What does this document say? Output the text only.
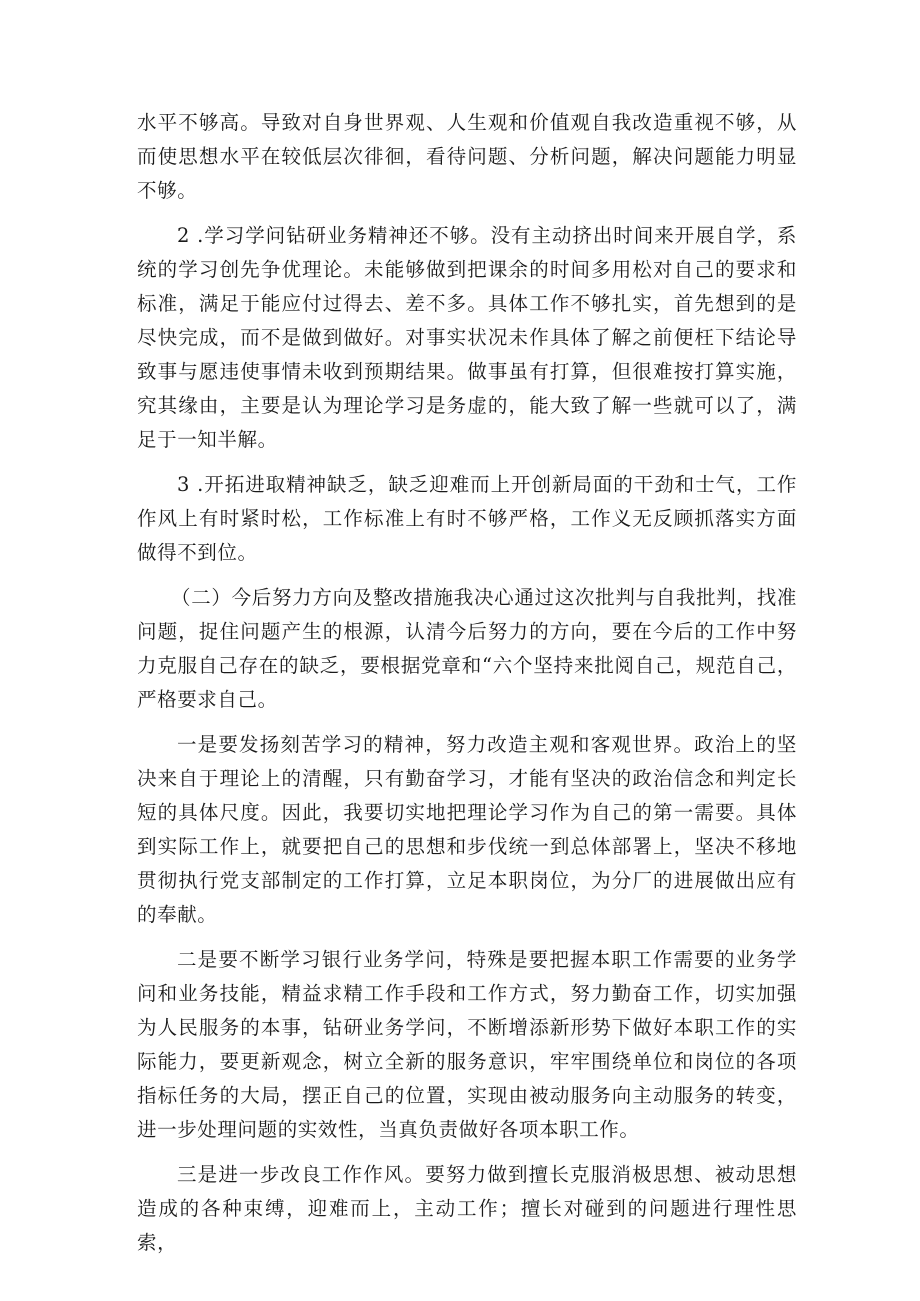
水平不够高。导致对自身世界观、人生观和价值观自我改造重视不够，从而使思想水平在较低层次徘徊，看待问题、分析问题，解决问题能力明显不够。

2 .学习学问钻研业务精神还不够。没有主动挤出时间来开展自学，系统的学习创先争优理论。未能够做到把课余的时间多用松对自己的要求和标准，满足于能应付过得去、差不多。具体工作不够扎实，首先想到的是尽快完成，而不是做到做好。对事实状况未作具体了解之前便枉下结论导致事与愿违使事情未收到预期结果。做事虽有打算，但很难按打算实施，究其缘由，主要是认为理论学习是务虚的，能大致了解一些就可以了，满足于一知半解。

3 .开拓进取精神缺乏，缺乏迎难而上开创新局面的干劲和士气，工作作风上有时紧时松，工作标准上有时不够严格，工作义无反顾抓落实方面做得不到位。

（二）今后努力方向及整改措施我决心通过这次批判与自我批判，找准问题，捉住问题产生的根源，认清今后努力的方向，要在今后的工作中努力克服自己存在的缺乏，要根据党章和“六个坚持来批阅自己，规范自己，严格要求自己。

一是要发扬刻苦学习的精神，努力改造主观和客观世界。政治上的坚决来自于理论上的清醒，只有勤奋学习，才能有坚决的政治信念和判定长短的具体尺度。因此，我要切实地把理论学习作为自己的第一需要。具体到实际工作上，就要把自己的思想和步伐统一到总体部署上，坚决不移地贯彻执行党支部制定的工作打算，立足本职岗位，为分厂的进展做出应有的奉献。

二是要不断学习银行业务学问，特殊是要把握本职工作需要的业务学问和业务技能，精益求精工作手段和工作方式，努力勤奋工作，切实加强为人民服务的本事，钻研业务学问，不断增添新形势下做好本职工作的实际能力，要更新观念，树立全新的服务意识，牢牢围绕单位和岗位的各项指标任务的大局，摆正自己的位置，实现由被动服务向主动服务的转变，进一步处理问题的实效性，当真负责做好各项本职工作。

三是进一步改良工作作风。要努力做到擅长克服消极思想、被动思想造成的各种束缚，迎难而上，主动工作；擅长对碰到的问题进行理性思索，
